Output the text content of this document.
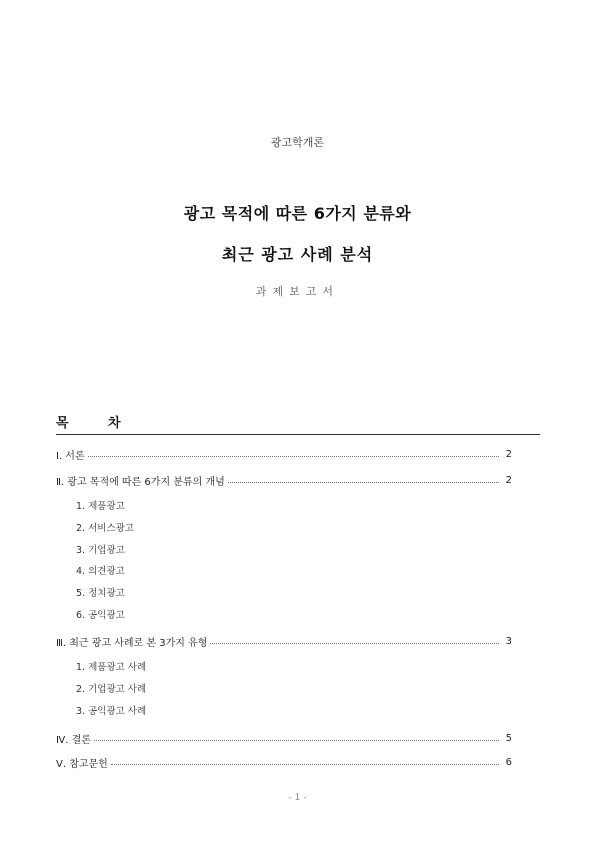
광고학개론
광고 목적에 따른 6가지 분류와
최근 광고 사례 분석
과제보고서
목	차
Ⅰ. 서론	2
Ⅱ. 광고 목적에 따른 6가지 분류의 개념	2
1. 제품광고
2. 서비스광고
3. 기업광고
4. 의견광고
5. 정치광고
6. 공익광고
Ⅲ. 최근 광고 사례로 본 3가지 유형	3
1. 제품광고 사례
2. 기업광고 사례
3. 공익광고 사례
Ⅳ. 결론	5
Ⅴ. 참고문헌	6
- 1 -
